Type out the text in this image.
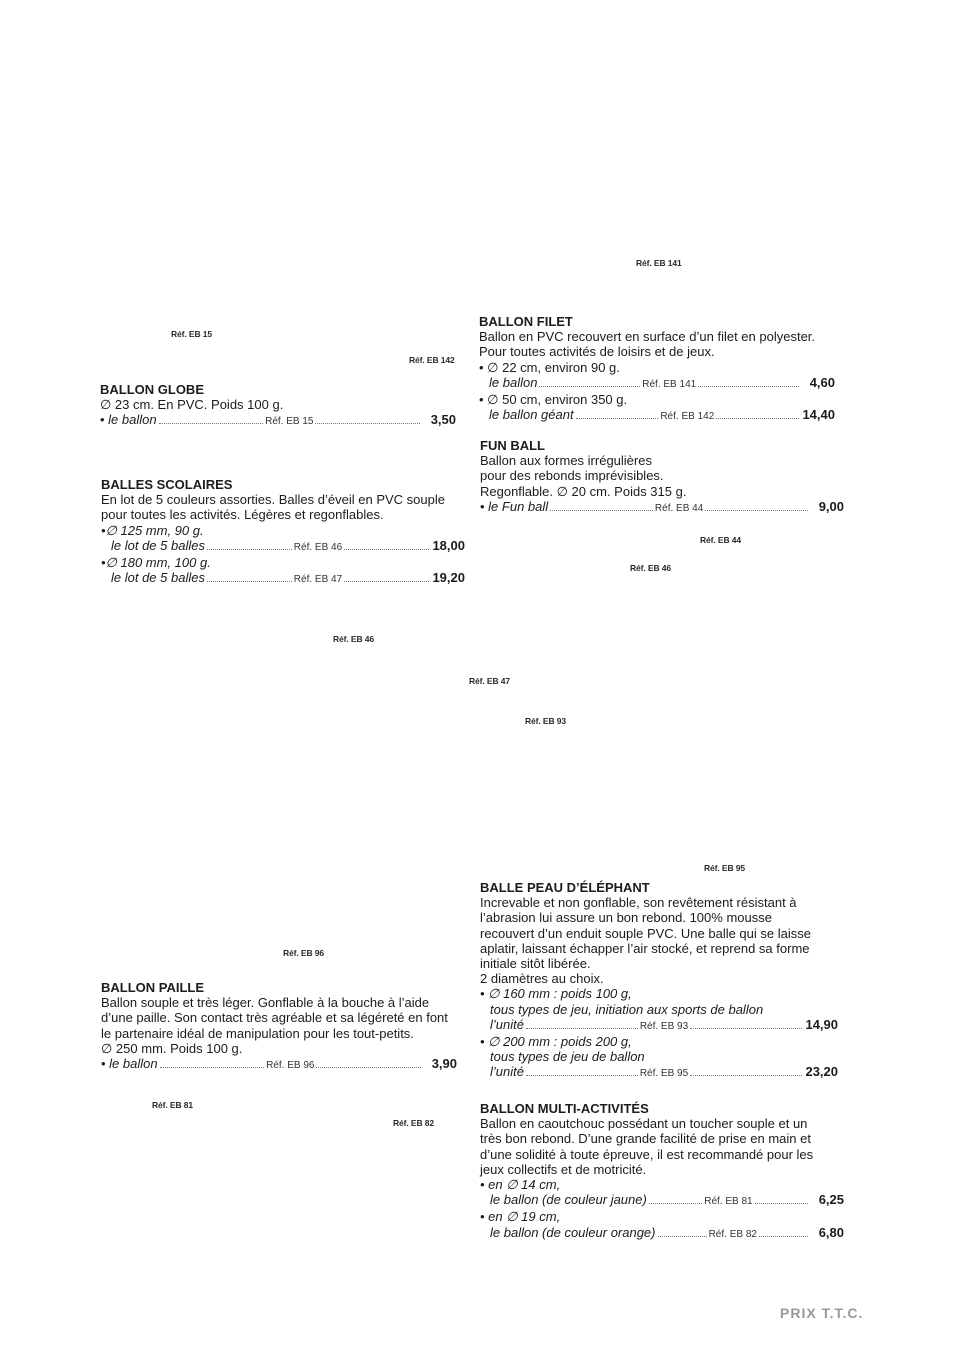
Réf. EB 141
Réf. EB 15
Réf. EB 142
Réf. EB 44
Réf. EB 46
Réf. EB 46
Réf. EB 47
Réf. EB 93
Réf. EB 95
Réf. EB 96
Réf. EB 81
Réf. EB 82
BALLON GLOBE
∅ 23 cm. En PVC. Poids 100 g.
• le ballon	Réf. EB 15	3,50
BALLES SCOLAIRES
En lot de 5 couleurs assorties. Balles d’éveil en PVC souple
pour toutes les activités. Légères et regonflables.
•∅ 125 mm, 90 g.
le lot de 5 balles	Réf. EB 46	18,00
•∅ 180 mm, 100 g.
le lot de 5 balles	Réf. EB 47	19,20
BALLON FILET
Ballon en PVC recouvert en surface d’un filet en polyester.
Pour toutes activités de loisirs et de jeux.
• ∅ 22 cm, environ 90 g.
le ballon	Réf. EB 141	4,60
• ∅ 50 cm, environ 350 g.
le ballon géant	Réf. EB 142	14,40
FUN BALL
Ballon aux formes irrégulières
pour des rebonds imprévisibles.
Regonflable. ∅ 20 cm. Poids 315 g.
• le Fun ball	Réf. EB 44	9,00
BALLE PEAU D’ÉLÉPHANT
Increvable et non gonflable, son revêtement résistant à
l’abrasion lui assure un bon rebond. 100% mousse
recouvert d’un enduit souple PVC. Une balle qui se laisse
aplatir, laissant échapper l’air stocké, et reprend sa forme
initiale sitôt libérée.
2 diamètres au choix.
• ∅ 160 mm : poids 100 g,
tous types de jeu, initiation aux sports de ballon
l’unité	Réf. EB 93	14,90
• ∅ 200 mm : poids 200 g,
tous types de jeu de ballon
l’unité	Réf. EB 95	23,20
BALLON PAILLE
Ballon souple et très léger. Gonflable à la bouche à l’aide
d’une paille. Son contact très agréable et sa légéreté en font
le partenaire idéal de manipulation pour les tout-petits.
∅ 250 mm. Poids 100 g.
• le ballon	Réf. EB 96	3,90
BALLON MULTI-ACTIVITÉS
Ballon en caoutchouc possédant un toucher souple et un
très bon rebond. D’une grande facilité de prise en main et
d’une solidité à toute épreuve, il est recommandé pour les
jeux collectifs et de motricité.
• en ∅ 14 cm,
le ballon (de couleur jaune)	Réf. EB 81	6,25
• en ∅ 19 cm,
le ballon (de couleur orange)	Réf. EB 82	6,80
PRIX T.T.C.
